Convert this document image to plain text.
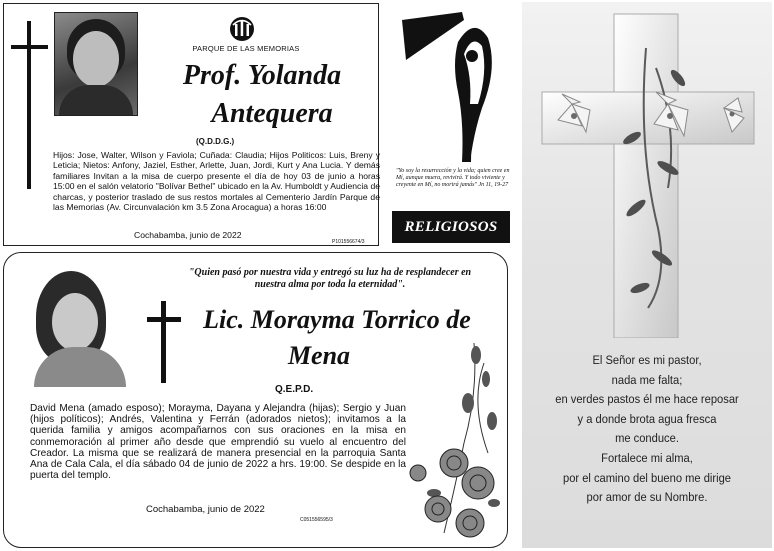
PARQUE DE LAS MEMORIAS
Prof. Yolanda
Antequera
(Q.D.D.G.)
Hijos: Jose, Walter, Wilson y Faviola; Cuñada: Claudia; Hijos Politicos: Luis, Breny y Leticia; Nietos: Anfony, Jaziel, Esther, Arlette, Juan, Jordi, Kurt y Ana Lucia. Y demás familiares Invitan a la misa de cuerpo presente el día de hoy 03 de junio a horas 15:00 en el salón velatorio "Bolívar Bethel" ubicado en la Av. Humboldt y Audiencia de charcas, y posterior traslado de sus restos mortales al Cementerio Jardín Parque de las Memorias (Av. Circunvalación km 3.5 Zona Arocagua) a horas 16:00
Cochabamba, junio de 2022
P101556674/3
"Yo soy la resurrección y la vida; quien cree en Mí, aunque muera, revivirá. Y todo viviente y creyente en Mí, no morirá jamás" Jn 11, 19-27
RELIGIOSOS
"Quien pasó por nuestra vida y entregó su luz ha de resplandecer en nuestra alma por toda la eternidad".
Lic. Morayma Torrico de
Mena
Q.E.P.D.
David Mena (amado esposo); Morayma, Dayana y Alejandra (hijas); Sergio y Juan (hijos políticos); Andrés, Valentina y Ferrán (adorados nietos); invitamos a la querida familia y amigos acompañarnos con sus oraciones en la misa en conmemoración al primer año desde que emprendió su vuelo al encuentro del Creador. La misma que se realizará de manera presencial en la parroquia Santa Ana de Cala Cala, el día sábado 04 de junio de 2022 a hrs. 19:00. Se despide en la puerta del templo.
Cochabamba, junio de 2022
C051556595/3
El Señor es mi pastor,
nada me falta;
en verdes pastos él me hace reposar
y a donde brota agua fresca
me conduce.
Fortalece mi alma,
por el camino del bueno me dirige
por amor de su Nombre.
